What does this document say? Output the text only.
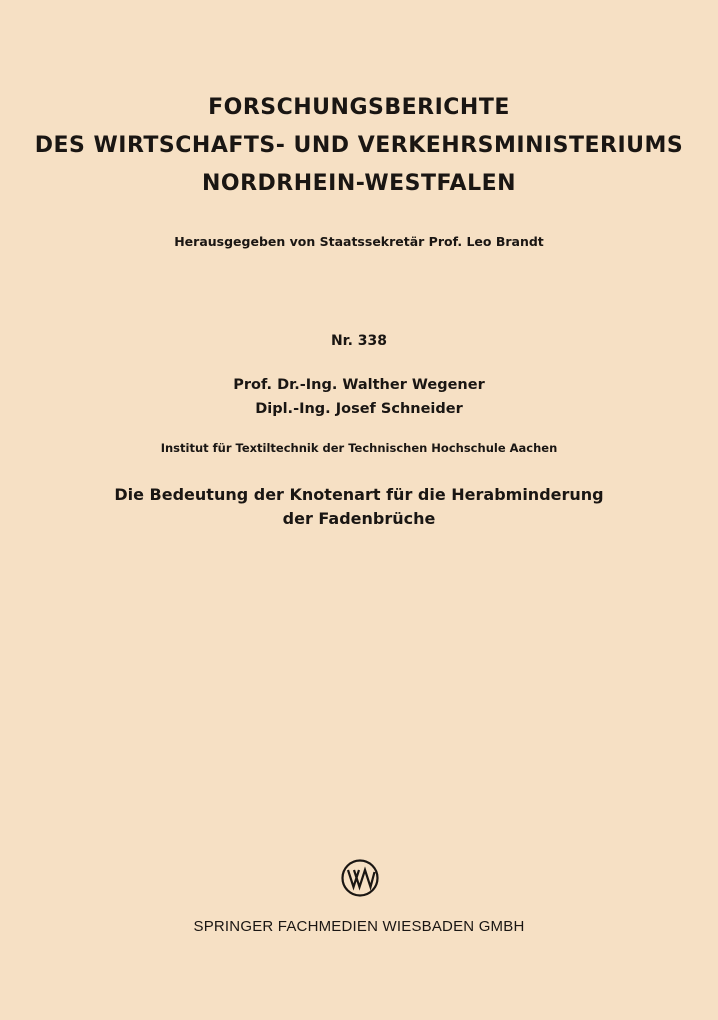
FORSCHUNGSBERICHTE
DES WIRTSCHAFTS- UND VERKEHRSMINISTERIUMS
NORDRHEIN-WESTFALEN
Herausgegeben von Staatssekretär Prof. Leo Brandt
Nr. 338
Prof. Dr.-Ing. Walther Wegener
Dipl.-Ing. Josef Schneider
Institut für Textiltechnik der Technischen Hochschule Aachen
Die Bedeutung der Knotenart für die Herabminderung
der Fadenbrüche
SPRINGER FACHMEDIEN WIESBADEN GMBH
